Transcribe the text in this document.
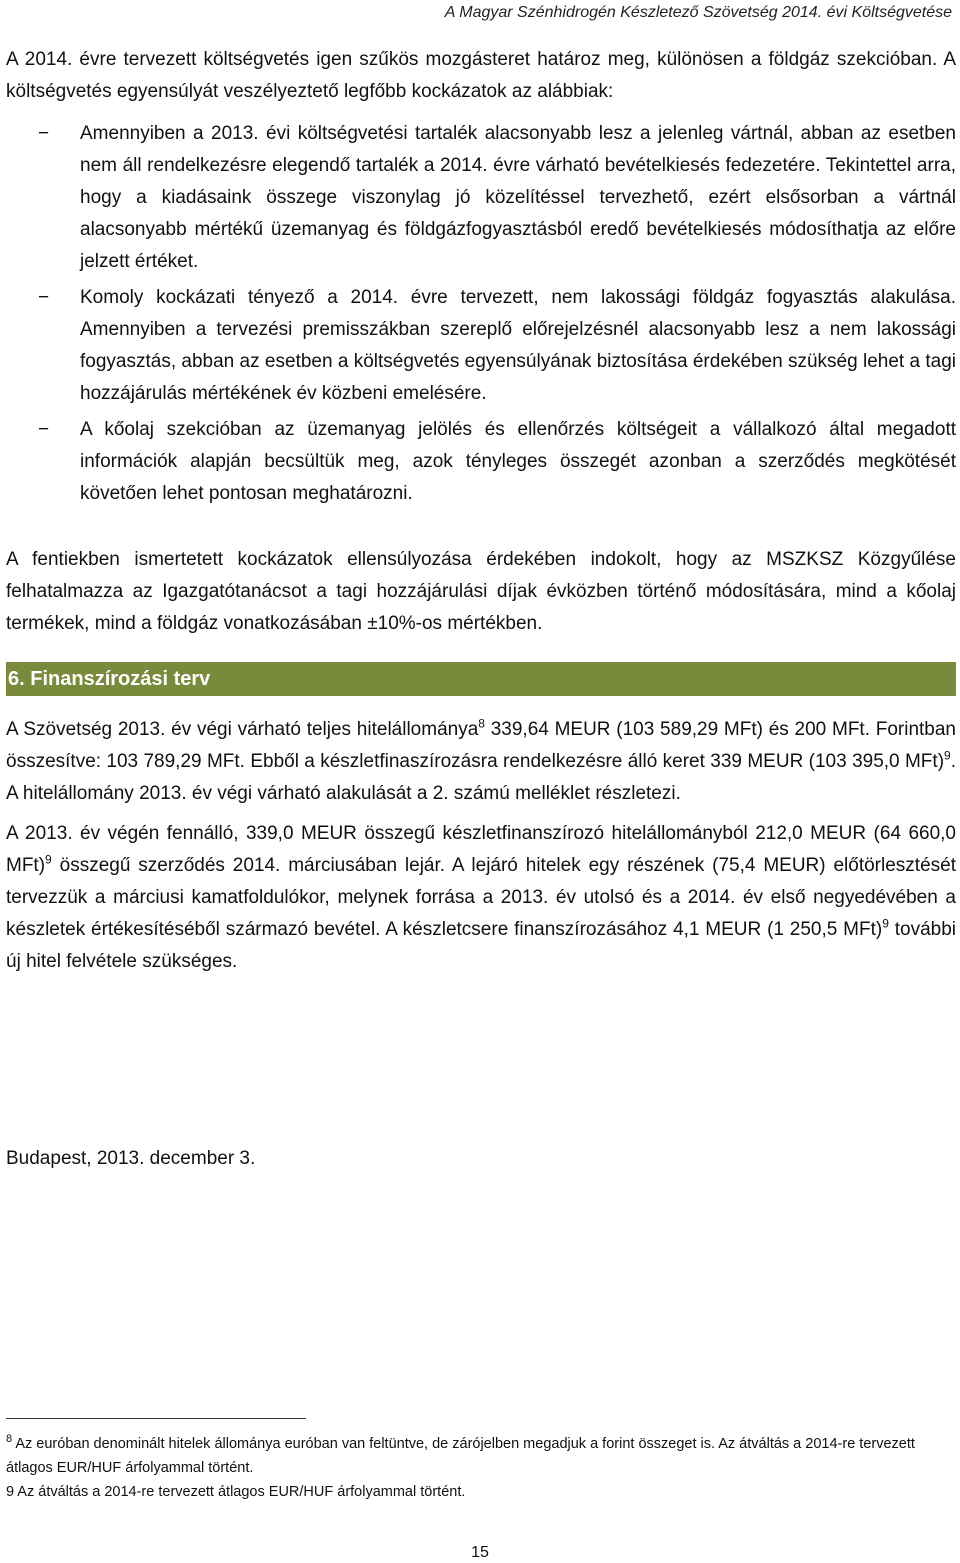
A Magyar Szénhidrogén Készletező Szövetség 2014. évi Költségvetése

A 2014. évre tervezett költségvetés igen szűkös mozgásteret határoz meg, különösen a földgáz szekcióban. A költségvetés egyensúlyát veszélyeztető legfőbb kockázatok az alábbiak:

− Amennyiben a 2013. évi költségvetési tartalék alacsonyabb lesz a jelenleg vártnál, abban az esetben nem áll rendelkezésre elegendő tartalék a 2014. évre várható bevételkiesés fedezetére. Tekintettel arra, hogy a kiadásaink összege viszonylag jó közelítéssel tervezhető, ezért elsősorban a vártnál alacsonyabb mértékű üzemanyag és földgázfogyasztásból eredő bevételkiesés módosíthatja az előre jelzett értéket.
− Komoly kockázati tényező a 2014. évre tervezett, nem lakossági földgáz fogyasztás alakulása. Amennyiben a tervezési premisszákban szereplő előrejelzésnél alacsonyabb lesz a nem lakossági fogyasztás, abban az esetben a költségvetés egyensúlyának biztosítása érdekében szükség lehet a tagi hozzájárulás mértékének év közbeni emelésére.
− A kőolaj szekcióban az üzemanyag jelölés és ellenőrzés költségeit a vállalkozó által megadott információk alapján becsültük meg, azok tényleges összegét azonban a szerződés megkötését követően lehet pontosan meghatározni.

A fentiekben ismertetett kockázatok ellensúlyozása érdekében indokolt, hogy az MSZKSZ Közgyűlése felhatalmazza az Igazgatótanácsot a tagi hozzájárulási díjak évközben történő módosítására, mind a kőolaj termékek, mind a földgáz vonatkozásában ±10%-os mértékben.

6. Finanszírozási terv

A Szövetség 2013. év végi várható teljes hitelállománya$^8$ 339,64 MEUR (103 589,29 MFt) és 200 MFt. Forintban összesítve: 103 789,29 MFt. Ebből a készletfinaszírozásra rendelkezésre álló keret 339 MEUR (103 395,0 MFt)$^9$. A hitelállomány 2013. év végi várható alakulását a 2. számú melléklet részletezi.

A 2013. év végén fennálló, 339,0 MEUR összegű készletfinanszírozó hitelállományból 212,0 MEUR (64 660,0 MFt)$^9$ összegű szerződés 2014. márciusában lejár. A lejáró hitelek egy részének (75,4 MEUR) előtörlesztését tervezzük a márciusi kamatfoldulókor, melynek forrása a 2013. év utolsó és a 2014. év első negyedévében a készletek értékesítéséből származó bevétel. A készletcsere finanszírozásához 4,1 MEUR (1 250,5 MFt)$^9$ további új hitel felvétele szükséges.

Budapest, 2013. december 3.

$^8$ Az euróban denominált hitelek állománya euróban van feltüntve, de zárójelben megadjuk a forint összeget is. Az átváltás a 2014-re tervezett átlagos EUR/HUF árfolyammal történt.

9 Az átváltás a 2014-re tervezett átlagos EUR/HUF árfolyammal történt.

15
